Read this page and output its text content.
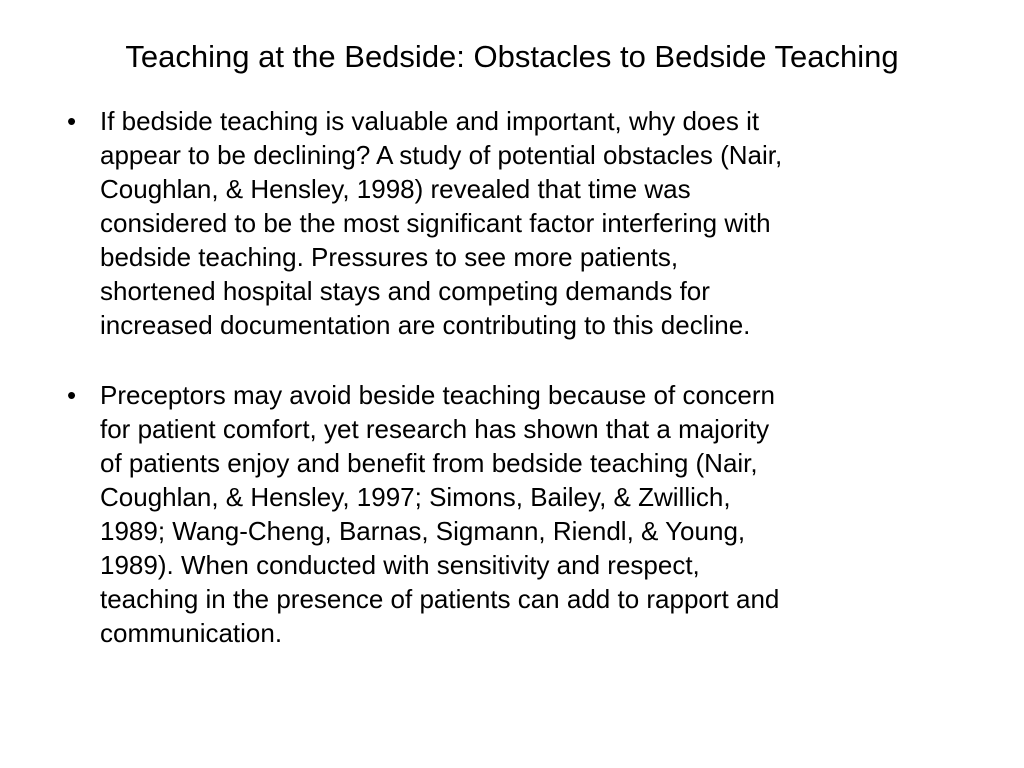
Teaching at the Bedside: Obstacles to Bedside Teaching
• If bedside teaching is valuable and important, why does it
appear to be declining? A study of potential obstacles (Nair,
Coughlan, & Hensley, 1998) revealed that time was
considered to be the most significant factor interfering with
bedside teaching. Pressures to see more patients,
shortened hospital stays and competing demands for
increased documentation are contributing to this decline.
• Preceptors may avoid beside teaching because of concern
for patient comfort, yet research has shown that a majority
of patients enjoy and benefit from bedside teaching (Nair,
Coughlan, & Hensley, 1997; Simons, Bailey, & Zwillich,
1989; Wang-Cheng, Barnas, Sigmann, Riendl, & Young,
1989). When conducted with sensitivity and respect,
teaching in the presence of patients can add to rapport and
communication.
